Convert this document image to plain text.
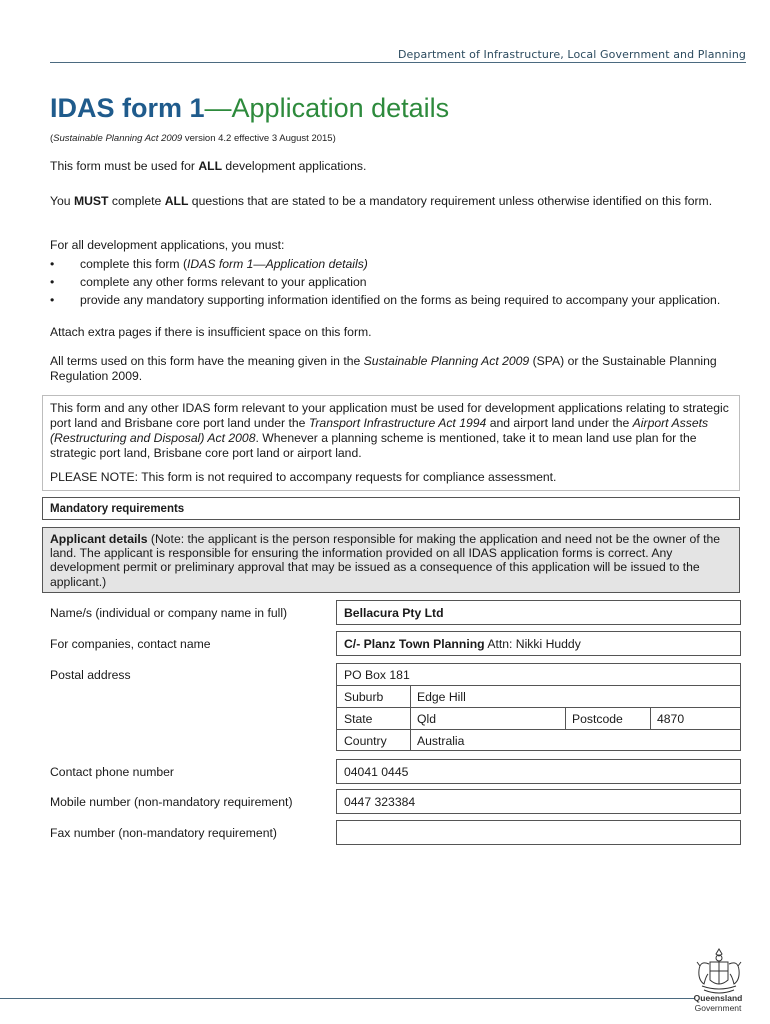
Department of Infrastructure, Local Government and Planning
IDAS form 1—Application details
(Sustainable Planning Act 2009 version 4.2 effective 3 August 2015)
This form must be used for ALL development applications.
You MUST complete ALL questions that are stated to be a mandatory requirement unless otherwise identified on this form.
For all development applications, you must:
•	complete this form (IDAS form 1—Application details)
•	complete any other forms relevant to your application
•	provide any mandatory supporting information identified on the forms as being required to accompany your application.
Attach extra pages if there is insufficient space on this form.
All terms used on this form have the meaning given in the Sustainable Planning Act 2009 (SPA) or the Sustainable Planning Regulation 2009.
This form and any other IDAS form relevant to your application must be used for development applications relating to strategic port land and Brisbane core port land under the Transport Infrastructure Act 1994 and airport land under the Airport Assets (Restructuring and Disposal) Act 2008. Whenever a planning scheme is mentioned, take it to mean land use plan for the strategic port land, Brisbane core port land or airport land.
PLEASE NOTE: This form is not required to accompany requests for compliance assessment.
Mandatory requirements
Applicant details (Note: the applicant is the person responsible for making the application and need not be the owner of the land. The applicant is responsible for ensuring the information provided on all IDAS application forms is correct. Any development permit or preliminary approval that may be issued as a consequence of this application will be issued to the applicant.)
Name/s (individual or company name in full)	Bellacura Pty Ltd
For companies, contact name	C/- Planz Town Planning Attn: Nikki Huddy
Postal address	PO Box 181
Suburb	Edge Hill
State	Qld	Postcode	4870
Country Australia
Contact phone number	04041 0445
Mobile number (non-mandatory requirement)	0447 323384
Fax number (non-mandatory requirement)
Queensland
Government
